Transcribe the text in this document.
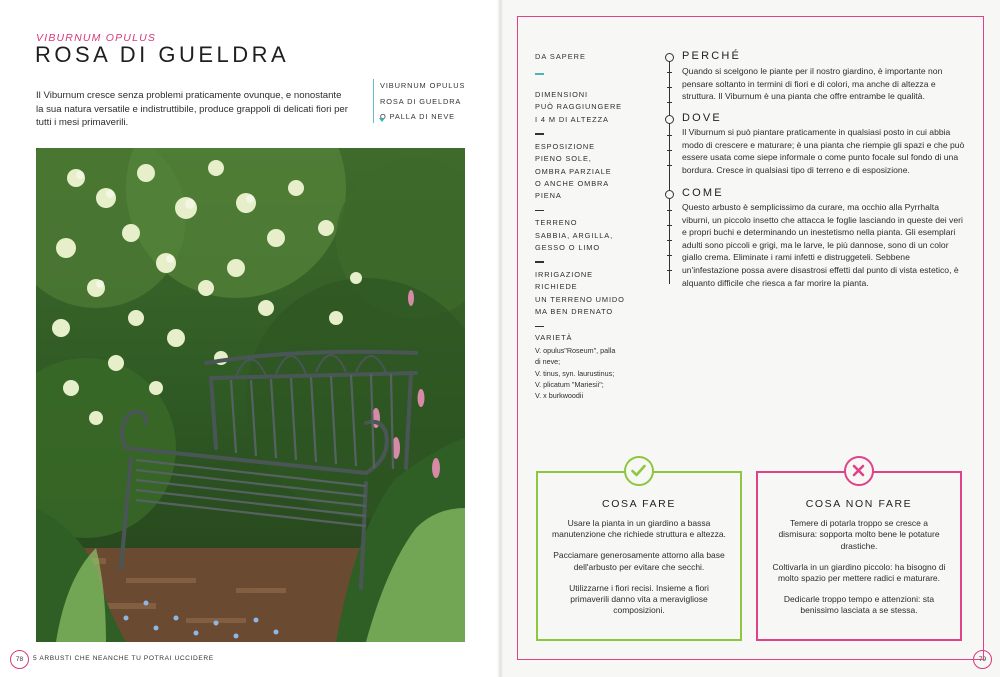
VIBURNUM OPULUS
ROSA DI GUELDRA
Il Viburnum cresce senza problemi praticamente ovunque, e nonostante la sua natura versatile e indistruttibile, produce grappoli di delicati fiori per tutti i mesi primaverili.
VIBURNUM OPULUS
ROSA DI GUELDRA
O PALLA DI NEVE
78	5 ARBUSTI CHE NEANCHE TU POTRAI UCCIDERE	79
DA SAPERE
DIMENSIONI
PUÒ RAGGIUNGERE
I 4 M DI ALTEZZA
ESPOSIZIONE
PIENO SOLE,
OMBRA PARZIALE
O ANCHE OMBRA
PIENA
TERRENO
SABBIA, ARGILLA,
GESSO O LIMO
IRRIGAZIONE
RICHIEDE
UN TERRENO UMIDO
MA BEN DRENATO
VARIETÀ
V. opulus"Roseum", palla
di neve;
V. tinus, syn. laurustinus;
V. plicatum "Mariesii";
V. x burkwoodii
PERCHÉ
Quando si scelgono le piante per il nostro giardino, è importante non pensare soltanto in termini di fiori e di colori, ma anche di altezza e struttura. Il Viburnum è una pianta che offre entrambe le qualità.
DOVE
Il Viburnum si può piantare praticamente in qualsiasi posto in cui abbia modo di crescere e maturare; è una pianta che riempie gli spazi e che può essere usata come siepe informale o come punto focale sul fondo di una bordura. Cresce in qualsiasi tipo di terreno e di esposizione.
COME
Questo arbusto è semplicissimo da curare, ma occhio alla Pyrrhalta viburni, un piccolo insetto che attacca le foglie lasciando in queste dei veri e propri buchi e determinando un inestetismo nella pianta. Gli esemplari adulti sono piccoli e grigi, ma le larve, le più dannose, sono di un color giallo crema. Eliminate i rami infetti e distruggeteli. Sebbene un'infestazione possa avere disastrosi effetti dal punto di vista estetico, è alquanto difficile che riesca a far morire la pianta.
COSA FARE

Usare la pianta in un giardino a bassa manutenzione che richiede struttura e altezza.

Pacciamare generosamente attorno alla base dell'arbusto per evitare che secchi.

Utilizzarne i fiori recisi. Insieme a fiori primaverili danno vita a meravigliose composizioni.

COSA NON FARE

Temere di potarla troppo se cresce a dismisura: sopporta molto bene le potature drastiche.

Coltivarla in un giardino piccolo: ha bisogno di molto spazio per mettere radici e maturare.

Dedicarle troppo tempo e attenzioni: sta benissimo lasciata a se stessa.
